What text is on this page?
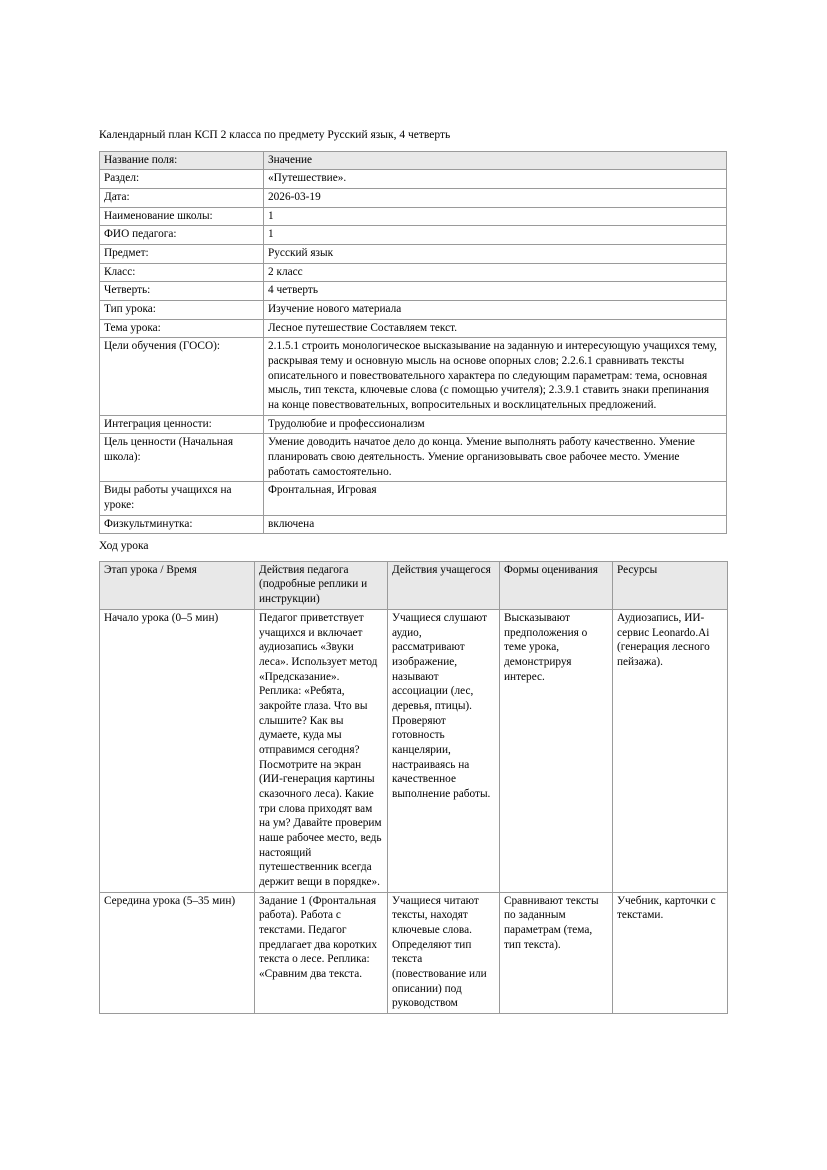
Календарный план КСП 2 класса по предмету Русский язык, 4 четверть
Название поля:	Значение
Раздел:	«Путешествие».
Дата:	2026-03-19
Наименование школы:	1
ФИО педагога:	1
Предмет:	Русский язык
Класс:	2 класс
Четверть:	4 четверть
Тип урока:	Изучение нового материала
Тема урока:	Лесное путешествие Составляем текст.
Цели обучения (ГОСО):	2.1.5.1 строить монологическое высказывание на заданную и интересующую учащихся тему, раскрывая тему и основную мысль на основе опорных слов; 2.2.6.1 сравнивать тексты описательного и повествовательного характера по следующим параметрам: тема, основная мысль, тип текста, ключевые слова (с помощью учителя); 2.3.9.1 ставить знаки препинания на конце повествовательных, вопросительных и восклицательных предложений.
Интеграция ценности:	Трудолюбие и профессионализм
Цель ценности (Начальная школа):	Умение доводить начатое дело до конца. Умение выполнять работу качественно. Умение планировать свою деятельность. Умение организовывать свое рабочее место. Умение работать самостоятельно.
Виды работы учащихся на уроке:	Фронтальная, Игровая
Физкультминутка:	включена
Ход урока
Этап урока / Время	Действия педагога (подробные реплики и инструкции)	Действия учащегося	Формы оценивания	Ресурсы
Начало урока (0–5 мин)	Педагог приветствует учащихся и включает аудиозапись «Звуки леса». Использует метод «Предсказание». Реплика: «Ребята, закройте глаза. Что вы слышите? Как вы думаете, куда мы отправимся сегодня? Посмотрите на экран (ИИ-генерация картины сказочного леса). Какие три слова приходят вам на ум? Давайте проверим наше рабочее место, ведь настоящий путешественник всегда держит вещи в порядке».	Учащиеся слушают аудио, рассматривают изображение, называют ассоциации (лес, деревья, птицы). Проверяют готовность канцелярии, настраиваясь на качественное выполнение работы.	Высказывают предположения о теме урока, демонстрируя интерес.	Аудиозапись, ИИ-сервис Leonardo.Ai (генерация лесного пейзажа).
Середина урока (5–35 мин)	Задание 1 (Фронтальная работа). Работа с текстами. Педагог предлагает два коротких текста о лесе. Реплика: «Сравним два текста.	Учащиеся читают тексты, находят ключевые слова. Определяют тип текста (повествование или описании) под руководством	Сравнивают тексты по заданным параметрам (тема, тип текста).	Учебник, карточки с текстами.
